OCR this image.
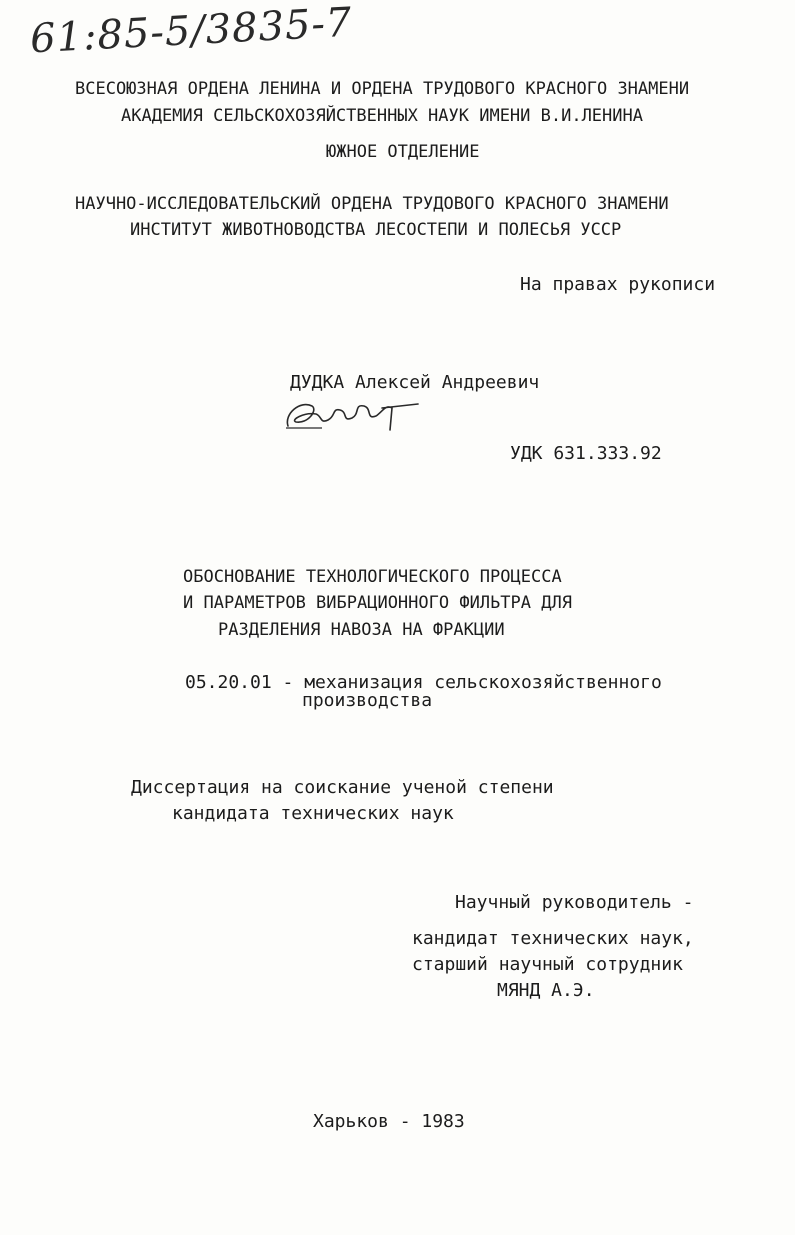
61:85-5/3835-7
ВСЕСОЮЗНАЯ ОРДЕНА ЛЕНИНА И ОРДЕНА ТРУДОВОГО КРАСНОГО ЗНАМЕНИ
АКАДЕМИЯ СЕЛЬСКОХОЗЯЙСТВЕННЫХ НАУК ИМЕНИ В.И.ЛЕНИНА
ЮЖНОЕ ОТДЕЛЕНИЕ
НАУЧНО-ИССЛЕДОВАТЕЛЬСКИЙ ОРДЕНА ТРУДОВОГО КРАСНОГО ЗНАМЕНИ
ИНСТИТУТ ЖИВОТНОВОДСТВА ЛЕСОСТЕПИ И ПОЛЕСЬЯ УССР
На правах рукописи
ДУДКА Алексей Андреевич
УДК 631.333.92
ОБОСНОВАНИЕ ТЕХНОЛОГИЧЕСКОГО ПРОЦЕССА
И ПАРАМЕТРОВ ВИБРАЦИОННОГО ФИЛЬТРА ДЛЯ
РАЗДЕЛЕНИЯ НАВОЗА НА ФРАКЦИИ
05.20.01 - механизация сельскохозяйственного
производства
Диссертация на соискание ученой степени
кандидата технических наук
Научный руководитель -
кандидат технических наук,
старший научный сотрудник
МЯНД А.Э.
Харьков - 1983
